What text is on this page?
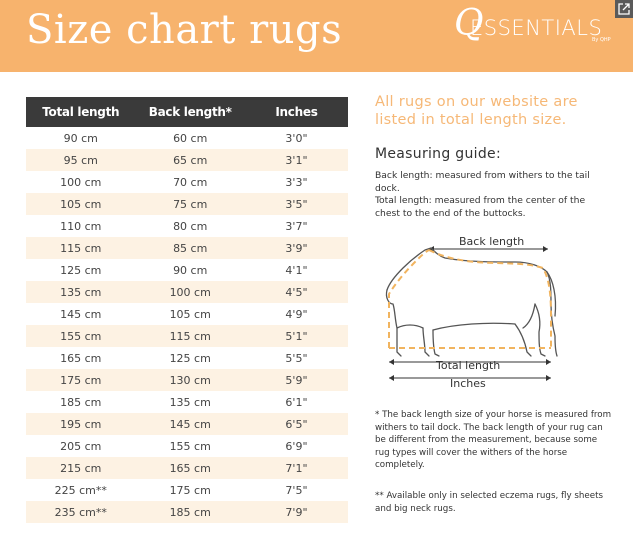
Size chart rugs	Q
ESSENTIALS
By QHP
Total length	Back length*	Inches
90 cm	60 cm	3'0"
95 cm	65 cm	3'1"
100 cm	70 cm	3'3"
105 cm	75 cm	3'5"
110 cm	80 cm	3'7"
115 cm	85 cm	3'9"
125 cm	90 cm	4'1"
135 cm	100 cm	4'5"
145 cm	105 cm	4'9"
155 cm	115 cm	5'1"
165 cm	125 cm	5'5"
175 cm	130 cm	5'9"
185 cm	135 cm	6'1"
195 cm	145 cm	6'5"
205 cm	155 cm	6'9"
215 cm	165 cm	7'1"
225 cm**	175 cm	7'5"
235 cm**	185 cm	7'9"
All rugs on our website are listed in total length size.
Measuring guide:
Back length: measured from withers to the tail dock.
Total length: measured from the center of the chest to the end of the buttocks.
Back length
Total length
Inches
* The back length size of your horse is measured from withers to tail dock. The back length of your rug can be different from the measurement, because some rug types will cover the withers of the horse completely.
** Available only in selected eczema rugs, fly sheets and big neck rugs.
